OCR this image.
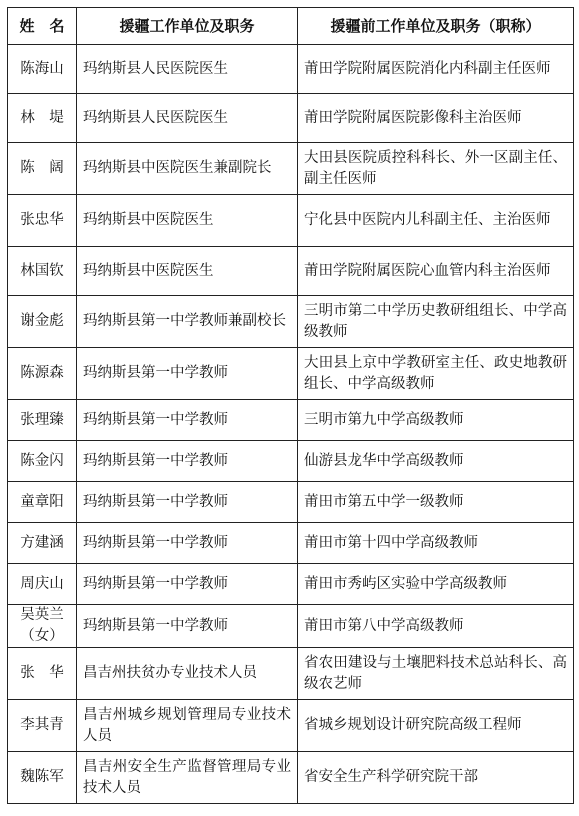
姓　名	援疆工作单位及职务	援疆前工作单位及职务（职称）
陈海山	玛纳斯县人民医院医生	莆田学院附属医院消化内科副主任医师
林　堤	玛纳斯县人民医院医生	莆田学院附属医院影像科主治医师
陈　阔	玛纳斯县中医院医生兼副院长	大田县医院质控科科长、外一区副主任、副主任医师
张忠华	玛纳斯县中医院医生	宁化县中医院内儿科副主任、主治医师
林国钦	玛纳斯县中医院医生	莆田学院附属医院心血管内科主治医师
谢金彪	玛纳斯县第一中学教师兼副校长	三明市第二中学历史教研组组长、中学高级教师
陈源森	玛纳斯县第一中学教师	大田县上京中学教研室主任、政史地教研组长、中学高级教师
张理臻	玛纳斯县第一中学教师	三明市第九中学高级教师
陈金闪	玛纳斯县第一中学教师	仙游县龙华中学高级教师
童章阳	玛纳斯县第一中学教师	莆田市第五中学一级教师
方建涵	玛纳斯县第一中学教师	莆田市第十四中学高级教师
周庆山	玛纳斯县第一中学教师	莆田市秀屿区实验中学高级教师
吴英兰（女）	玛纳斯县第一中学教师	莆田市第八中学高级教师
张　华	昌吉州扶贫办专业技术人员	省农田建设与土壤肥料技术总站科长、高级农艺师
李其青	昌吉州城乡规划管理局专业技术人员	省城乡规划设计研究院高级工程师
魏陈军	昌吉州安全生产监督管理局专业技术人员	省安全生产科学研究院干部
